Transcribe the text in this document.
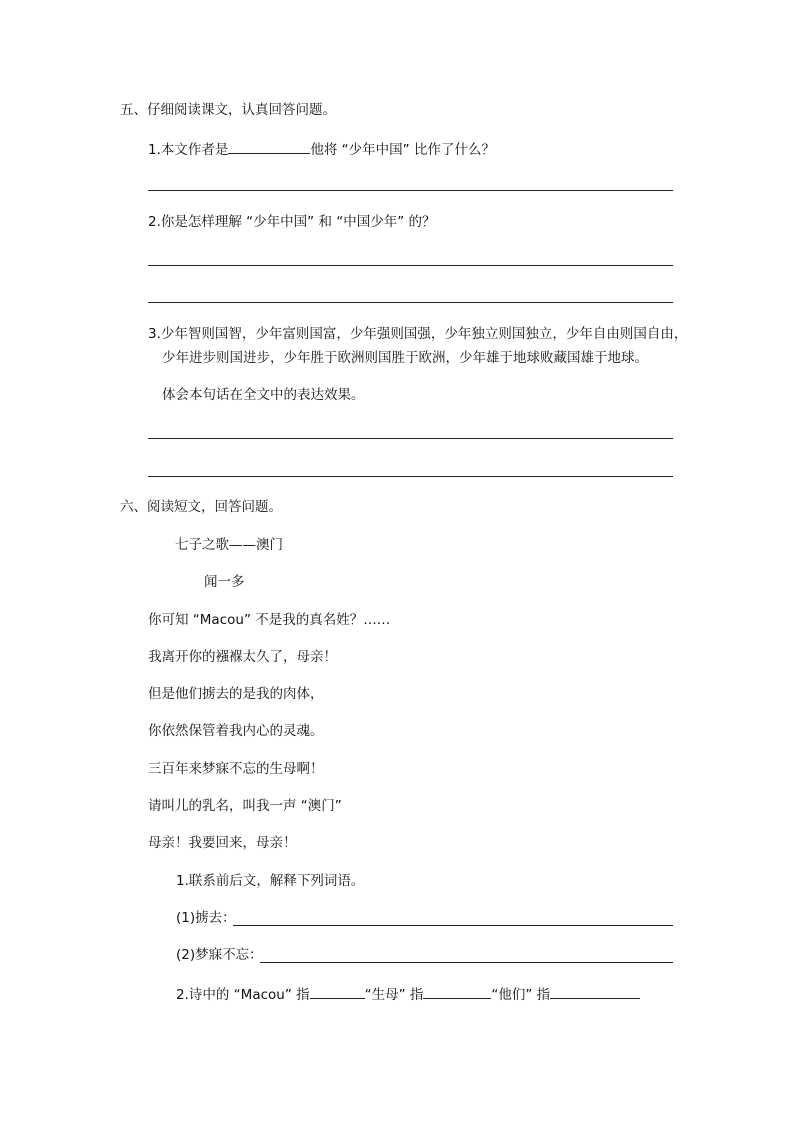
五、仔细阅读课文，认真回答问题。
1.本文作者是	他将 “少年中国” 比作了什么？
2.你是怎样理解 “少年中国” 和 “中国少年” 的？
3.少年智则国智，少年富则国富，少年强则国强，少年独立则国独立，少年自由则国自由，
少年进步则国进步，少年胜于欧洲则国胜于欧洲，少年雄于地球败藏国雄于地球。
体会本句话在全文中的表达效果。
六、阅读短文，回答问题。
七子之歌——澳门
闻一多
你可知 “Macou” 不是我的真名姓？……
我离开你的襁褓太久了，母亲！
但是他们掳去的是我的肉体，
你依然保管着我内心的灵魂。
三百年来梦寐不忘的生母啊！
请叫儿的乳名，叫我一声 “澳门”
母亲！我要回来，母亲！
1.联系前后文，解释下列词语。
(1)掳去：
(2)梦寐不忘：
2.诗中的 “Macou” 指	“生母” 指	“他们” 指
